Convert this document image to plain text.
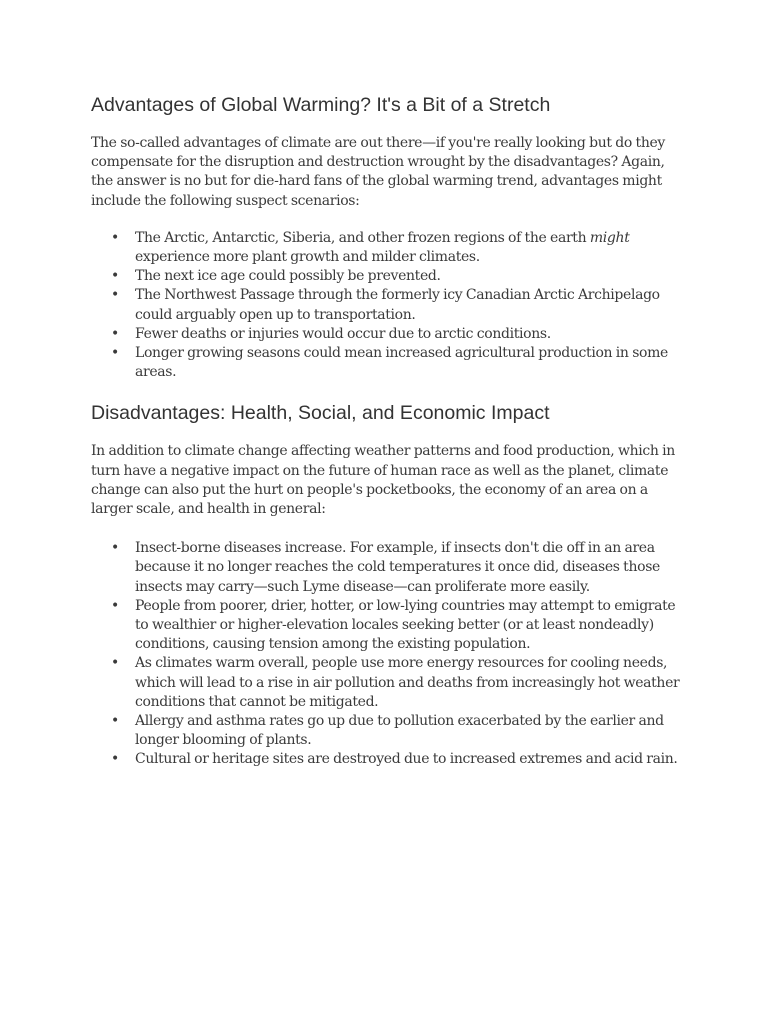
Advantages of Global Warming? It's a Bit of a Stretch

The so-called advantages of climate are out there—if you're really looking but do they compensate for the disruption and destruction wrought by the disadvantages? Again, the answer is no but for die-hard fans of the global warming trend, advantages might include the following suspect scenarios:

• The Arctic, Antarctic, Siberia, and other frozen regions of the earth might experience more plant growth and milder climates.
• The next ice age could possibly be prevented.
• The Northwest Passage through the formerly icy Canadian Arctic Archipelago could arguably open up to transportation.
• Fewer deaths or injuries would occur due to arctic conditions.
• Longer growing seasons could mean increased agricultural production in some areas.
Disadvantages: Health, Social, and Economic Impact

In addition to climate change affecting weather patterns and food production, which in turn have a negative impact on the future of human race as well as the planet, climate change can also put the hurt on people's pocketbooks, the economy of an area on a larger scale, and health in general:

• Insect-borne diseases increase. For example, if insects don't die off in an area because it no longer reaches the cold temperatures it once did, diseases those insects may carry—such Lyme disease—can proliferate more easily.
• People from poorer, drier, hotter, or low-lying countries may attempt to emigrate to wealthier or higher-elevation locales seeking better (or at least nondeadly) conditions, causing tension among the existing population.
• As climates warm overall, people use more energy resources for cooling needs, which will lead to a rise in air pollution and deaths from increasingly hot weather conditions that cannot be mitigated.
• Allergy and asthma rates go up due to pollution exacerbated by the earlier and longer blooming of plants.
• Cultural or heritage sites are destroyed due to increased extremes and acid rain.
